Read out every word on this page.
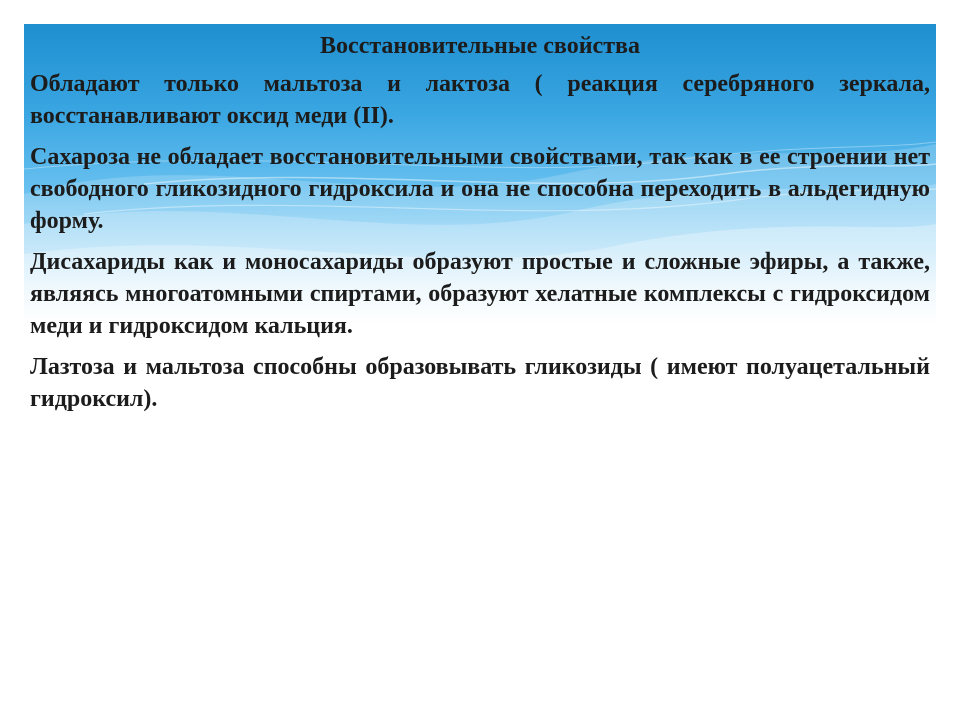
Восстановительные свойства
Обладают только мальтоза и лактоза ( реакция серебряного зеркала, восстанавливают оксид меди (II).
Сахароза не обладает восстановительными свойствами, так как в ее строении нет свободного гликозидного гидроксила и она не способна переходить в альдегидную форму.
Дисахариды как и моносахариды образуют простые и сложные эфиры, а также, являясь многоатомными спиртами, образуют хелатные комплексы с гидроксидом меди и гидроксидом кальция.
Лазтоза и мальтоза способны образовывать гликозиды ( имеют полуацетальный гидроксил).
